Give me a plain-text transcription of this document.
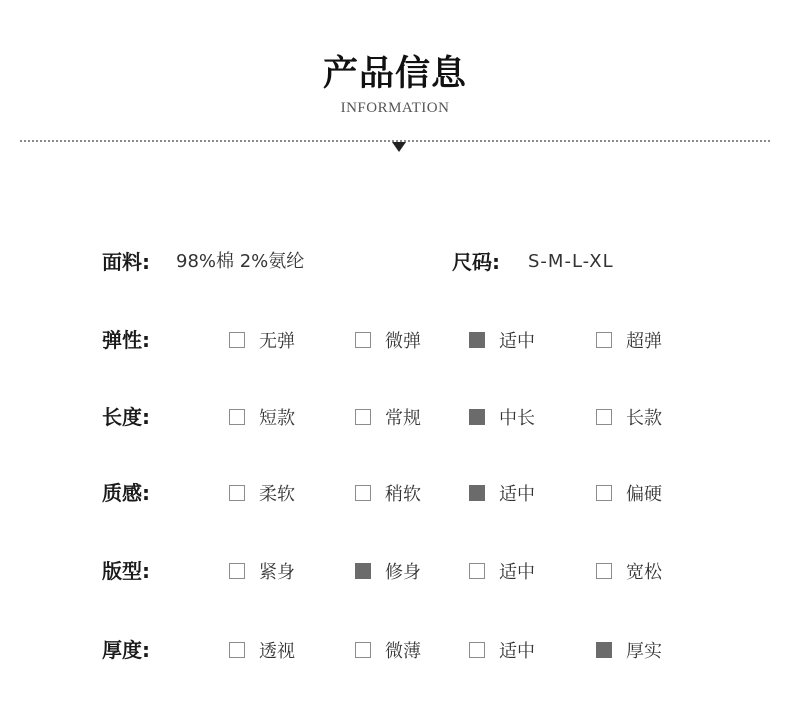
产品信息
INFORMATION
面料: 98%棉 2%氨纶	尺码: S-M-L-XL
弹性:	无弹	微弹	适中	超弹
长度:	短款	常规	中长	长款
质感:	柔软	稍软	适中	偏硬
版型:	紧身	修身	适中	宽松
厚度:	透视	微薄	适中	厚实
